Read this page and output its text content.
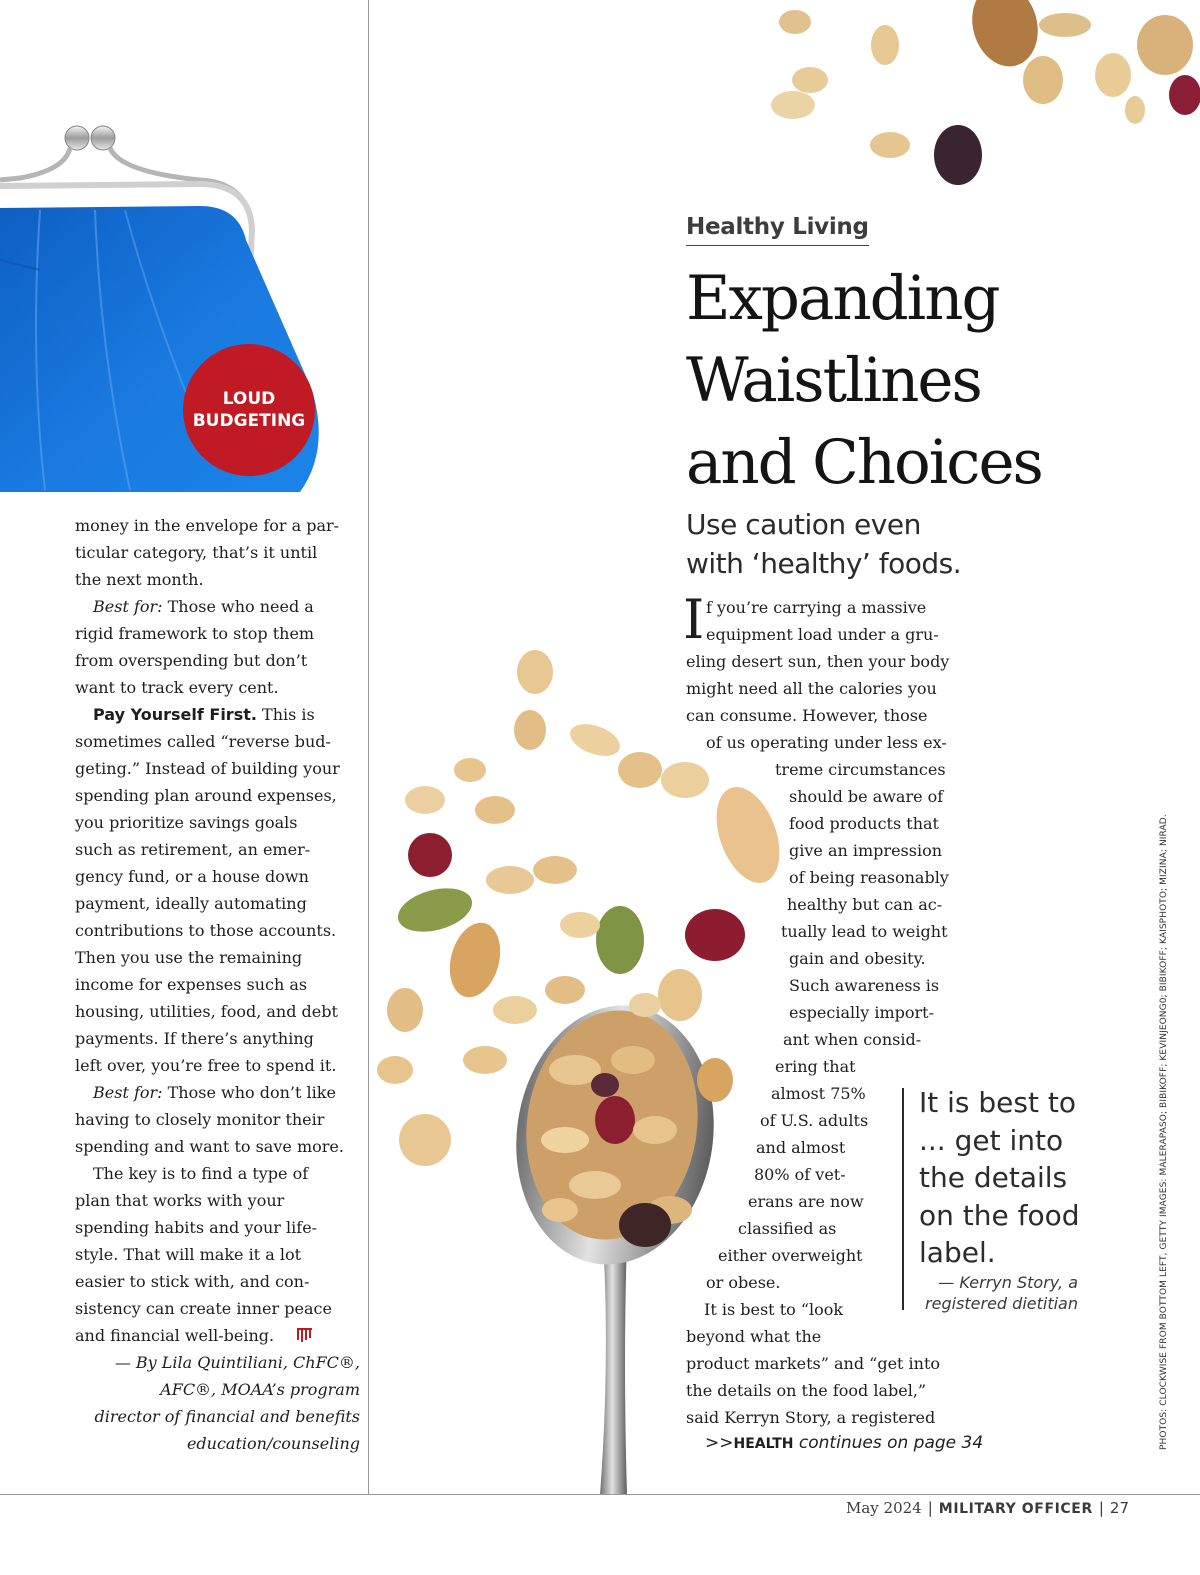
LOUD
BUDGETING

money in the envelope for a par-
ticular category, that’s it until
the next month.

Best for: Those who need a
rigid framework to stop them
from overspending but don’t
want to track every cent.

Pay Yourself First. This is
sometimes called “reverse bud-
geting.” Instead of building your
spending plan around expenses,
you prioritize savings goals
such as retirement, an emer-
gency fund, or a house down
payment, ideally automating
contributions to those accounts.
Then you use the remaining
income for expenses such as
housing, utilities, food, and debt
payments. If there’s anything
left over, you’re free to spend it.

Best for: Those who don’t like
having to closely monitor their
spending and want to save more.

The key is to find a type of
plan that works with your
spending habits and your life-
style. That will make it a lot
easier to stick with, and con-
sistency can create inner peace
and financial well-being.

— By Lila Quintiliani, ChFC®,
AFC®, MOAA’s program
director of financial and benefits
education/counseling

Healthy Living
Expanding
Waistlines
and Choices
Use caution even
with ‘healthy’ foods.
I f you’re carrying a massive
equipment load under a gru-
eling desert sun, then your body
might need all the calories you
can consume. However, those
of us operating under less ex-
treme circumstances
should be aware of
food products that
give an impression
of being reasonably
healthy but can ac-
tually lead to weight
gain and obesity.
Such awareness is
especially import-
ant when consid-
ering that
almost 75%
of U.S. adults
and almost
80% of vet-
erans are now
classified as
either overweight
or obese.
It is best to “look
beyond what the
product markets” and “get into
the details on the food label,”
said Kerryn Story, a registered
>>HEALTH continues on page 34
It is best to
... get into
the details
on the food
label.
— Kerryn Story, a
registered dietitian	PHOTOS: CLOCKWISE FROM BOTTOM LEFT, GETTY IMAGES: MALERAPASO; BIBIKOFF; KEVINJEONG0; BIBIKOFF; KAISPHOTO; MIZINA; NIRAD.
May 2024 | MILITARY OFFICER | 27
